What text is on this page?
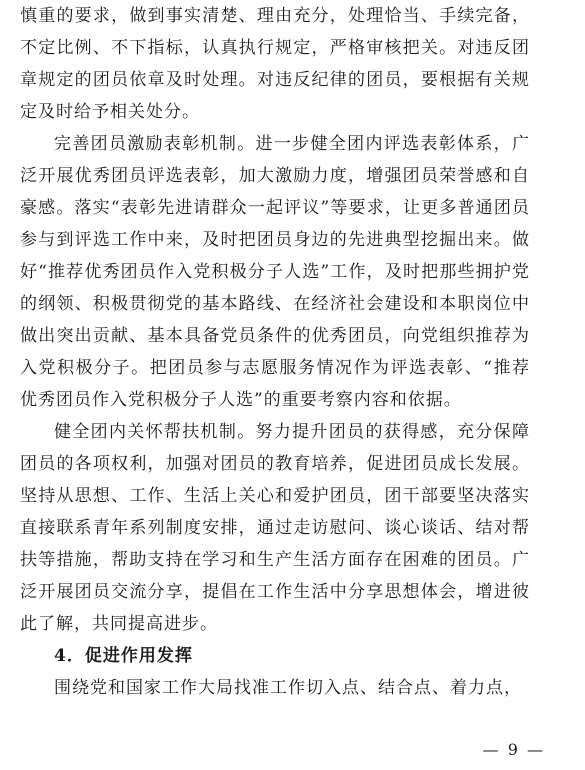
慎重的要求，做到事实清楚、理由充分，处理恰当、手续完备，不定比例、不下指标，认真执行规定，严格审核把关。对违反团章规定的团员依章及时处理。对违反纪律的团员，要根据有关规定及时给予相关处分。

完善团员激励表彰机制。进一步健全团内评选表彰体系，广泛开展优秀团员评选表彰，加大激励力度，增强团员荣誉感和自豪感。落实“表彰先进请群众一起评议”等要求，让更多普通团员参与到评选工作中来，及时把团员身边的先进典型挖掘出来。做好“推荐优秀团员作入党积极分子人选”工作，及时把那些拥护党的纲领、积极贯彻党的基本路线、在经济社会建设和本职岗位中做出突出贡献、基本具备党员条件的优秀团员，向党组织推荐为入党积极分子。把团员参与志愿服务情况作为评选表彰、“推荐优秀团员作入党积极分子人选”的重要考察内容和依据。

健全团内关怀帮扶机制。努力提升团员的获得感，充分保障团员的各项权利，加强对团员的教育培养，促进团员成长发展。坚持从思想、工作、生活上关心和爱护团员，团干部要坚决落实直接联系青年系列制度安排，通过走访慰问、谈心谈话、结对帮扶等措施，帮助支持在学习和生产生活方面存在困难的团员。广泛开展团员交流分享，提倡在工作生活中分享思想体会，增进彼此了解，共同提高进步。

4．促进作用发挥

围绕党和国家工作大局找准工作切入点、结合点、着力点，

— 9 —
